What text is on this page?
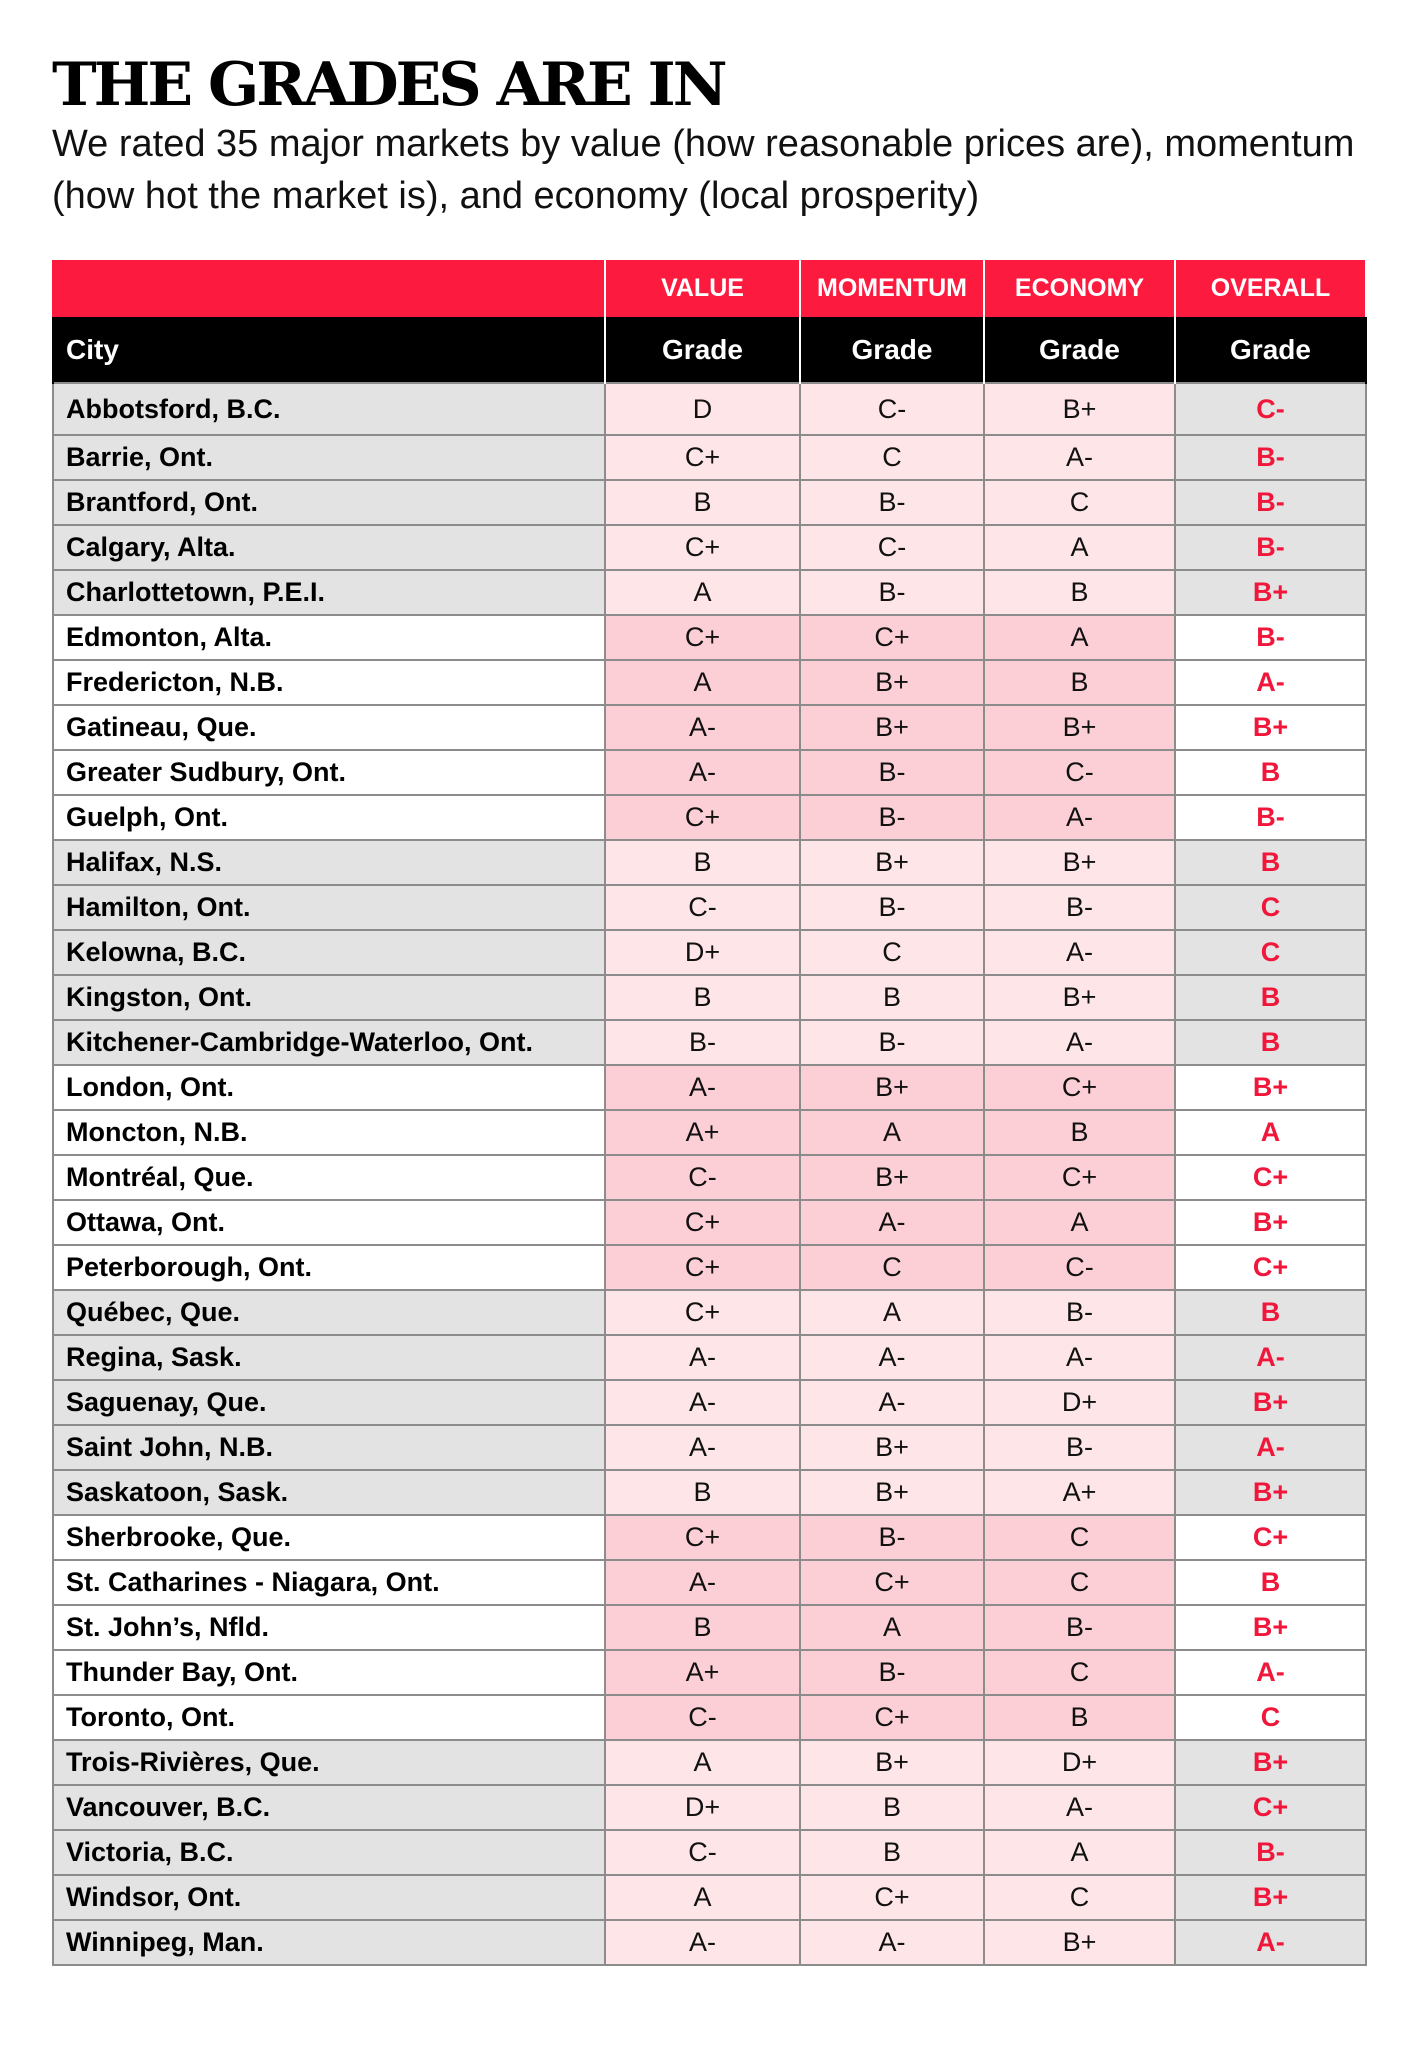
THE GRADES ARE IN
We rated 35 major markets by value (how reasonable prices are), momentum (how hot the market is), and economy (local prosperity)
	VALUE	MOMENTUM	ECONOMY	OVERALL
City	Grade	Grade	Grade	Grade
Abbotsford, B.C.	D	C-	B+	C-
Barrie, Ont.	C+	C	A-	B-
Brantford, Ont.	B	B-	C	B-
Calgary, Alta.	C+	C-	A	B-
Charlottetown, P.E.I.	A	B-	B	B+
Edmonton, Alta.	C+	C+	A	B-
Fredericton, N.B.	A	B+	B	A-
Gatineau, Que.	A-	B+	B+	B+
Greater Sudbury, Ont.	A-	B-	C-	B
Guelph, Ont.	C+	B-	A-	B-
Halifax, N.S.	B	B+	B+	B
Hamilton, Ont.	C-	B-	B-	C
Kelowna, B.C.	D+	C	A-	C
Kingston, Ont.	B	B	B+	B
Kitchener-Cambridge-Waterloo, Ont.	B-	B-	A-	B
London, Ont.	A-	B+	C+	B+
Moncton, N.B.	A+	A	B	A
Montréal, Que.	C-	B+	C+	C+
Ottawa, Ont.	C+	A-	A	B+
Peterborough, Ont.	C+	C	C-	C+
Québec, Que.	C+	A	B-	B
Regina, Sask.	A-	A-	A-	A-
Saguenay, Que.	A-	A-	D+	B+
Saint John, N.B.	A-	B+	B-	A-
Saskatoon, Sask.	B	B+	A+	B+
Sherbrooke, Que.	C+	B-	C	C+
St. Catharines - Niagara, Ont.	A-	C+	C	B
St. John’s, Nfld.	B	A	B-	B+
Thunder Bay, Ont.	A+	B-	C	A-
Toronto, Ont.	C-	C+	B	C
Trois-Rivières, Que.	A	B+	D+	B+
Vancouver, B.C.	D+	B	A-	C+
Victoria, B.C.	C-	B	A	B-
Windsor, Ont.	A	C+	C	B+
Winnipeg, Man.	A-	A-	B+	A-
